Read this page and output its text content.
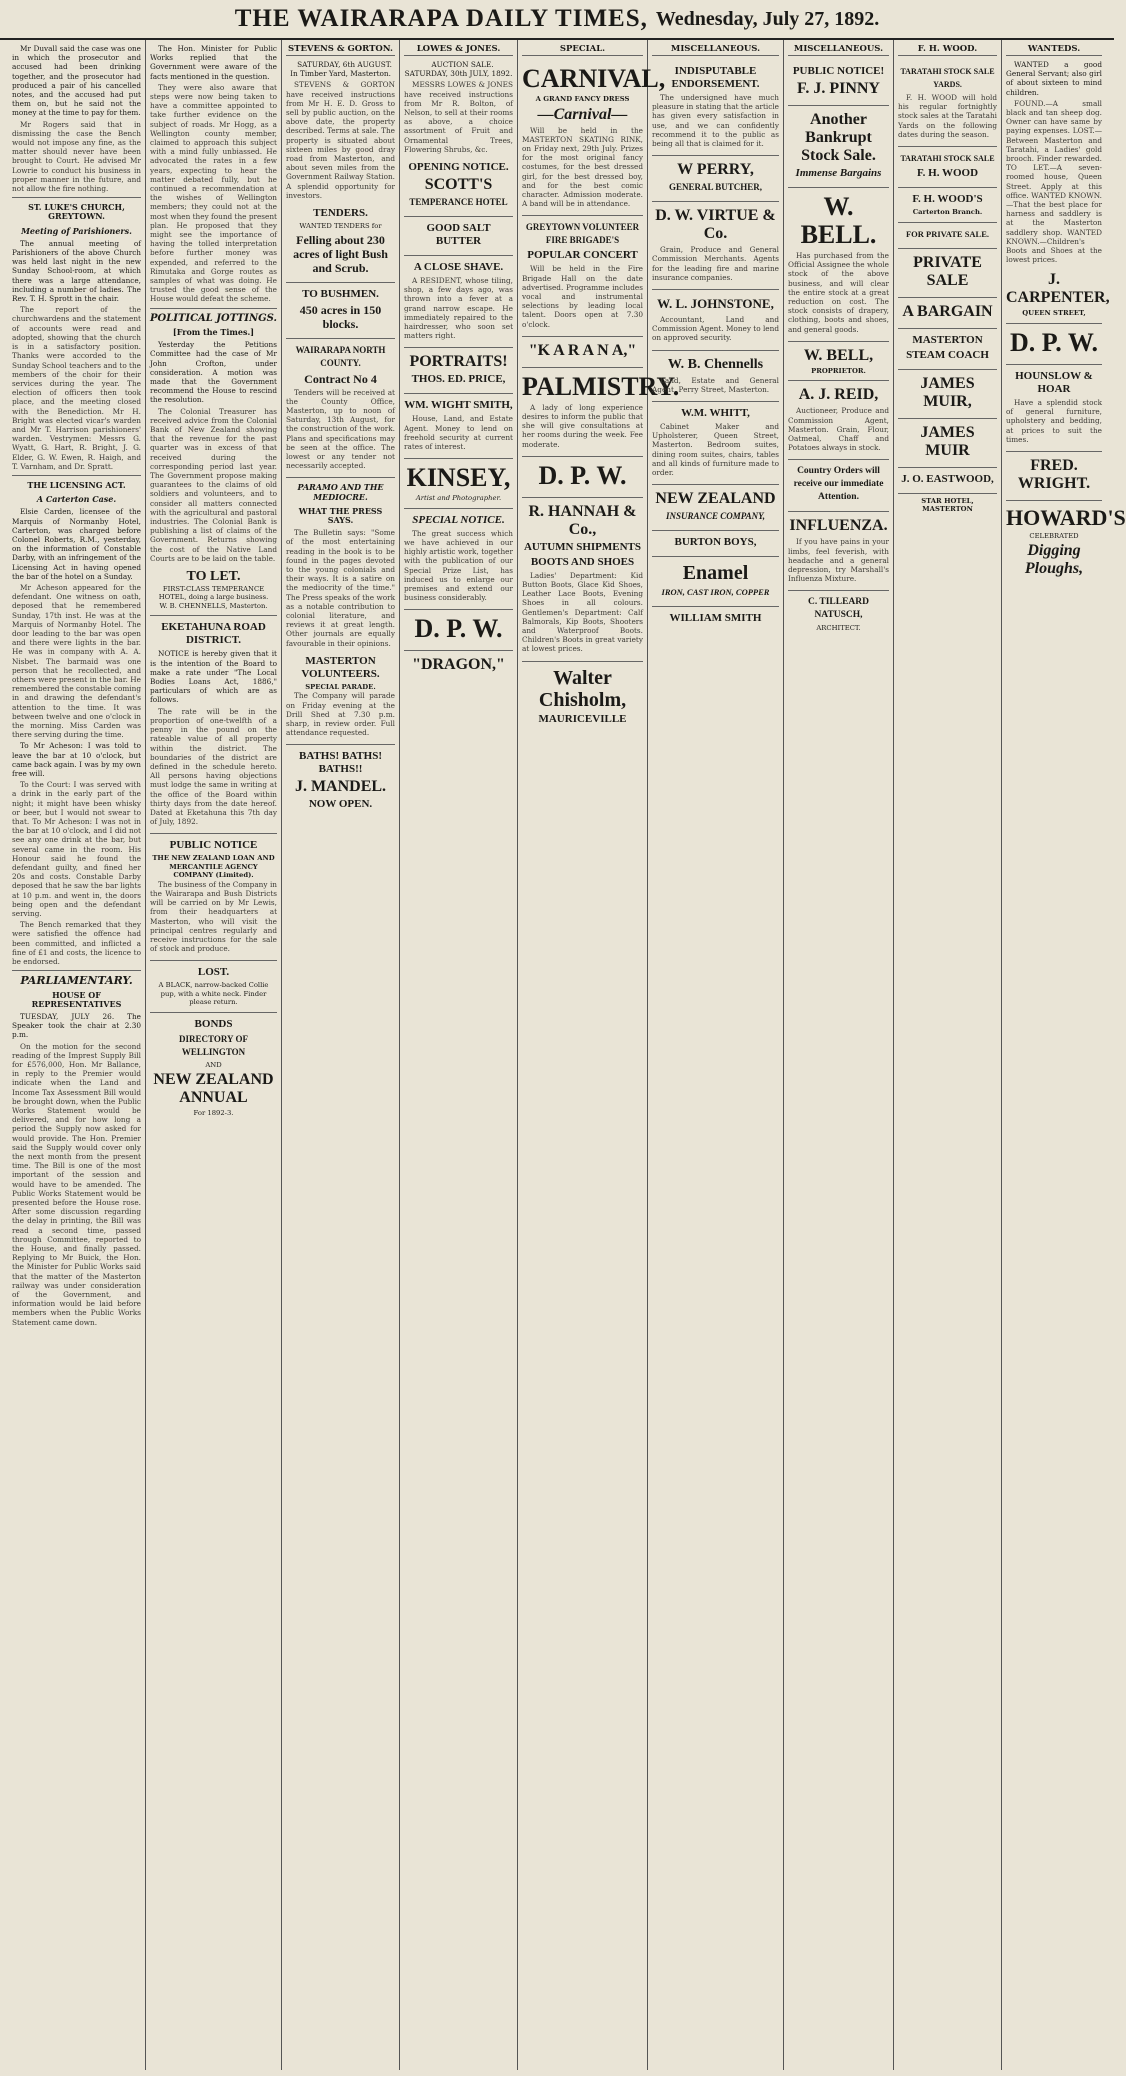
THE WAIRARAPA DAILY TIMES, Wednesday, July 27, 1892.

Mr Duvall said the case was one in which the prosecutor and accused had been drinking together, and the prosecutor had produced a pair of his cancelled notes, and the accused had put them on, but he said not the money at the time to pay for them.

Mr Rogers said that in dismissing the case the Bench would not impose any fine, as the matter should never have been brought to Court. He advised Mr Lowrie to conduct his business in proper manner in the future, and not allow the fire nothing.

ST. LUKE'S CHURCH, GREYTOWN.
Meeting of Parishioners.

The annual meeting of Parishioners of the above Church was held last night in the new Sunday School-room, at which there was a large attendance, including a number of ladies. The Rev. T. H. Sprott in the chair.

The report of the churchwardens and the statement of accounts were read and adopted, showing that the church is in a satisfactory position. Thanks were accorded to the Sunday School teachers and to the members of the choir for their services during the year. The election of officers then took place, and the meeting closed with the Benediction. Mr H. Bright was elected vicar's warden and Mr T. Harrison parishioners' warden. Vestrymen: Messrs G. Wyatt, G. Hart, R. Bright, J. G. Elder, G. W. Ewen, R. Haigh, and T. Varnham, and Dr. Spratt.

THE LICENSING ACT.
A Carterton Case.

Elsie Carden, licensee of the Marquis of Normanby Hotel, Carterton, was charged before Colonel Roberts, R.M., yesterday, on the information of Constable Darby, with an infringement of the Licensing Act in having opened the bar of the hotel on a Sunday.

Mr Acheson appeared for the defendant. One witness on oath, deposed that he remembered Sunday, 17th inst. He was at the Marquis of Normanby Hotel. The door leading to the bar was open and there were lights in the bar. He was in company with A. A. Nisbet. The barmaid was one person that he recollected, and others were present in the bar. He remembered the constable coming in and drawing the defendant's attention to the time. It was between twelve and one o'clock in the morning. Miss Carden was there serving during the time.

To Mr Acheson: I was told to leave the bar at 10 o'clock, but came back again. I was by my own free will.

To the Court: I was served with a drink in the early part of the night; it might have been whisky or beer, but I would not swear to that. To Mr Acheson: I was not in the bar at 10 o'clock, and I did not see any one drink at the bar, but several came in the room. His Honour said he found the defendant guilty, and fined her 20s and costs. Constable Darby deposed that he saw the bar lights at 10 p.m. and went in, the doors being open and the defendant serving.

The Bench remarked that they were satisfied the offence had been committed, and inflicted a fine of £1 and costs, the licence to be endorsed.

PARLIAMENTARY.
HOUSE OF REPRESENTATIVES

TUESDAY, JULY 26. The Speaker took the chair at 2.30 p.m.

On the motion for the second reading of the Imprest Supply Bill for £576,000, Hon. Mr Ballance, in reply to the Premier would indicate when the Land and Income Tax Assessment Bill would be brought down, when the Public Works Statement would be delivered, and for how long a period the Supply now asked for would provide. The Hon. Premier said the Supply would cover only the next month from the present time. The Bill is one of the most important of the session and would have to be amended. The Public Works Statement would be presented before the House rose. After some discussion regarding the delay in printing, the Bill was read a second time, passed through Committee, reported to the House, and finally passed. Replying to Mr Buick, the Hon. the Minister for Public Works said that the matter of the Masterton railway was under consideration of the Government, and information would be laid before members when the Public Works Statement came down.

The Hon. Minister for Public Works replied that the Government were aware of the facts mentioned in the question.

They were also aware that steps were now being taken to have a committee appointed to take further evidence on the subject of roads. Mr Hogg, as a Wellington county member, claimed to approach this subject with a mind fully unbiassed. He advocated the rates in a few years, expecting to hear the matter debated fully, but he continued a recommendation at the wishes of Wellington members; they could not at the most when they found the present plan. He proposed that they might see the importance of having the tolled interpretation before further money was expended, and referred to the Rimutaka and Gorge routes as samples of what was doing. He trusted the good sense of the House would defeat the scheme.

POLITICAL JOTTINGS.
[From the Times.]

Yesterday the Petitions Committee had the case of Mr John Crofton, under consideration. A motion was made that the Government recommend the House to rescind the resolution.

The Colonial Treasurer has received advice from the Colonial Bank of New Zealand showing that the revenue for the past quarter was in excess of that received during the corresponding period last year. The Government propose making guarantees to the claims of old soldiers and volunteers, and to consider all matters connected with the agricultural and pastoral industries. The Colonial Bank is publishing a list of claims of the Government. Returns showing the cost of the Native Land Courts are to be laid on the table.

TO LET.
FIRST-CLASS TEMPERANCE HOTEL, doing a large business.
W. B. CHENNELLS, Masterton.
EKETAHUNA ROAD DISTRICT.

NOTICE is hereby given that it is the intention of the Board to make a rate under "The Local Bodies Loans Act, 1886," particulars of which are as follows.

The rate will be in the proportion of one-twelfth of a penny in the pound on the rateable value of all property within the district. The boundaries of the district are defined in the schedule hereto. All persons having objections must lodge the same in writing at the office of the Board within thirty days from the date hereof. Dated at Eketahuna this 7th day of July, 1892.

PUBLIC NOTICE
THE NEW ZEALAND LOAN AND MERCANTILE AGENCY COMPANY (Limited).

The business of the Company in the Wairarapa and Bush Districts will be carried on by Mr Lewis, from their headquarters at Masterton, who will visit the principal centres regularly and receive instructions for the sale of stock and produce.

LOST.
A BLACK, narrow-backed Collie pup, with a white neck. Finder please return.
BONDS
DIRECTORY OF WELLINGTON
AND
NEW ZEALAND ANNUAL
For 1892-3.
STEVENS & GORTON.

SATURDAY, 6th AUGUST. In Timber Yard, Masterton.

STEVENS & GORTON have received instructions from Mr H. E. D. Gross to sell by public auction, on the above date, the property described. Terms at sale. The property is situated about sixteen miles by good dray road from Masterton, and about seven miles from the Government Railway Station. A splendid opportunity for investors.

TENDERS.
WANTED TENDERS for
Felling about 230 acres of light Bush and Scrub.
TO BUSHMEN.
450 acres in 150 blocks.
WAIRARAPA NORTH COUNTY.
Contract No 4

Tenders will be received at the County Office, Masterton, up to noon of Saturday, 13th August, for the construction of the work. Plans and specifications may be seen at the office. The lowest or any tender not necessarily accepted.

PARAMO AND THE MEDIOCRE.
WHAT THE PRESS SAYS.

The Bulletin says: "Some of the most entertaining reading in the book is to be found in the pages devoted to the young colonials and their ways. It is a satire on the mediocrity of the time." The Press speaks of the work as a notable contribution to colonial literature, and reviews it at great length. Other journals are equally favourable in their opinions.

MASTERTON VOLUNTEERS.
SPECIAL PARADE.

The Company will parade on Friday evening at the Drill Shed at 7.30 p.m. sharp, in review order. Full attendance requested.

BATHS! BATHS! BATHS!!
J. MANDEL.
NOW OPEN.
LOWES & JONES.

AUCTION SALE. SATURDAY, 30th JULY, 1892.

MESSRS LOWES & JONES have received instructions from Mr R. Bolton, of Nelson, to sell at their rooms as above, a choice assortment of Fruit and Ornamental Trees, Flowering Shrubs, &c.

OPENING NOTICE.
SCOTT'S
TEMPERANCE HOTEL
GOOD SALT BUTTER
A CLOSE SHAVE.

A RESIDENT, whose tiling, shop, a few days ago, was thrown into a fever at a grand narrow escape. He immediately repaired to the hairdresser, who soon set matters right.

PORTRAITS!
THOS. ED. PRICE,
WM. WIGHT SMITH,

House, Land, and Estate Agent. Money to lend on freehold security at current rates of interest.

KINSEY,
Artist and Photographer.
SPECIAL NOTICE.

The great success which we have achieved in our highly artistic work, together with the publication of our Special Prize List, has induced us to enlarge our premises and extend our business considerably.

D. P. W.
"DRAGON,"
SPECIAL.
CARNIVAL,
A GRAND FANCY DRESS
—Carnival—

Will be held in the MASTERTON SKATING RINK, on Friday next, 29th July. Prizes for the most original fancy costumes, for the best dressed girl, for the best dressed boy, and for the best comic character. Admission moderate. A band will be in attendance.

GREYTOWN VOLUNTEER FIRE BRIGADE'S
POPULAR CONCERT

Will be held in the Fire Brigade Hall on the date advertised. Programme includes vocal and instrumental selections by leading local talent. Doors open at 7.30 o'clock.

"K A R A N A,"
PALMISTRY.

A lady of long experience desires to inform the public that she will give consultations at her rooms during the week. Fee moderate.

D. P. W.
R. HANNAH & Co.,
AUTUMN SHIPMENTS
BOOTS AND SHOES

Ladies' Department: Kid Button Boots, Glace Kid Shoes, Leather Lace Boots, Evening Shoes in all colours. Gentlemen's Department: Calf Balmorals, Kip Boots, Shooters and Waterproof Boots. Children's Boots in great variety at lowest prices.

Walter Chisholm,
MAURICEVILLE
MISCELLANEOUS.
INDISPUTABLE ENDORSEMENT.

The undersigned have much pleasure in stating that the article has given every satisfaction in use, and we can confidently recommend it to the public as being all that is claimed for it.

W PERRY,
GENERAL BUTCHER,
D. W. VIRTUE & Co.

Grain, Produce and General Commission Merchants. Agents for the leading fire and marine insurance companies.

W. L. JOHNSTONE,

Accountant, Land and Commission Agent. Money to lend on approved security.

W. B. Chennells

Land, Estate and General Agent, Perry Street, Masterton.

W.M. WHITT,

Cabinet Maker and Upholsterer, Queen Street, Masterton. Bedroom suites, dining room suites, chairs, tables and all kinds of furniture made to order.

NEW ZEALAND
INSURANCE COMPANY,
BURTON BOYS,
Enamel
IRON, CAST IRON, COPPER
WILLIAM SMITH
MISCELLANEOUS.
PUBLIC NOTICE!
F. J. PINNY
Another Bankrupt Stock Sale.
Immense Bargains
W. BELL.

Has purchased from the Official Assignee the whole stock of the above business, and will clear the entire stock at a great reduction on cost. The stock consists of drapery, clothing, boots and shoes, and general goods.

W. BELL,
PROPRIETOR.
A. J. REID,

Auctioneer, Produce and Commission Agent, Masterton. Grain, Flour, Oatmeal, Chaff and Potatoes always in stock.

Country Orders will receive our immediate Attention.
INFLUENZA.

If you have pains in your limbs, feel feverish, with headache and a general depression, try Marshall's Influenza Mixture.

C. TILLEARD NATUSCH,
ARCHITECT.
F. H. WOOD.
TARATAHI STOCK SALE YARDS.

F. H. WOOD will hold his regular fortnightly stock sales at the Taratahi Yards on the following dates during the season.

TARATAHI STOCK SALE
F. H. WOOD
F. H. WOOD'S
Carterton Branch.
FOR PRIVATE SALE.
PRIVATE SALE
A BARGAIN
MASTERTON
STEAM COACH
JAMES MUIR,
JAMES MUIR
J. O. EASTWOOD,
STAR HOTEL, MASTERTON
WANTEDS.

WANTED a good General Servant; also girl of about sixteen to mind children.

FOUND.—A small black and tan sheep dog. Owner can have same by paying expenses. LOST.—Between Masterton and Taratahi, a Ladies' gold brooch. Finder rewarded. TO LET.—A seven-roomed house, Queen Street. Apply at this office. WANTED KNOWN.—That the best place for harness and saddlery is at the Masterton saddlery shop. WANTED KNOWN.—Children's Boots and Shoes at the lowest prices.

J. CARPENTER,
QUEEN STREET,
D. P. W.
HOUNSLOW & HOAR

Have a splendid stock of general furniture, upholstery and bedding, at prices to suit the times.

FRED. WRIGHT.
HOWARD'S
CELEBRATED
Digging Ploughs,
